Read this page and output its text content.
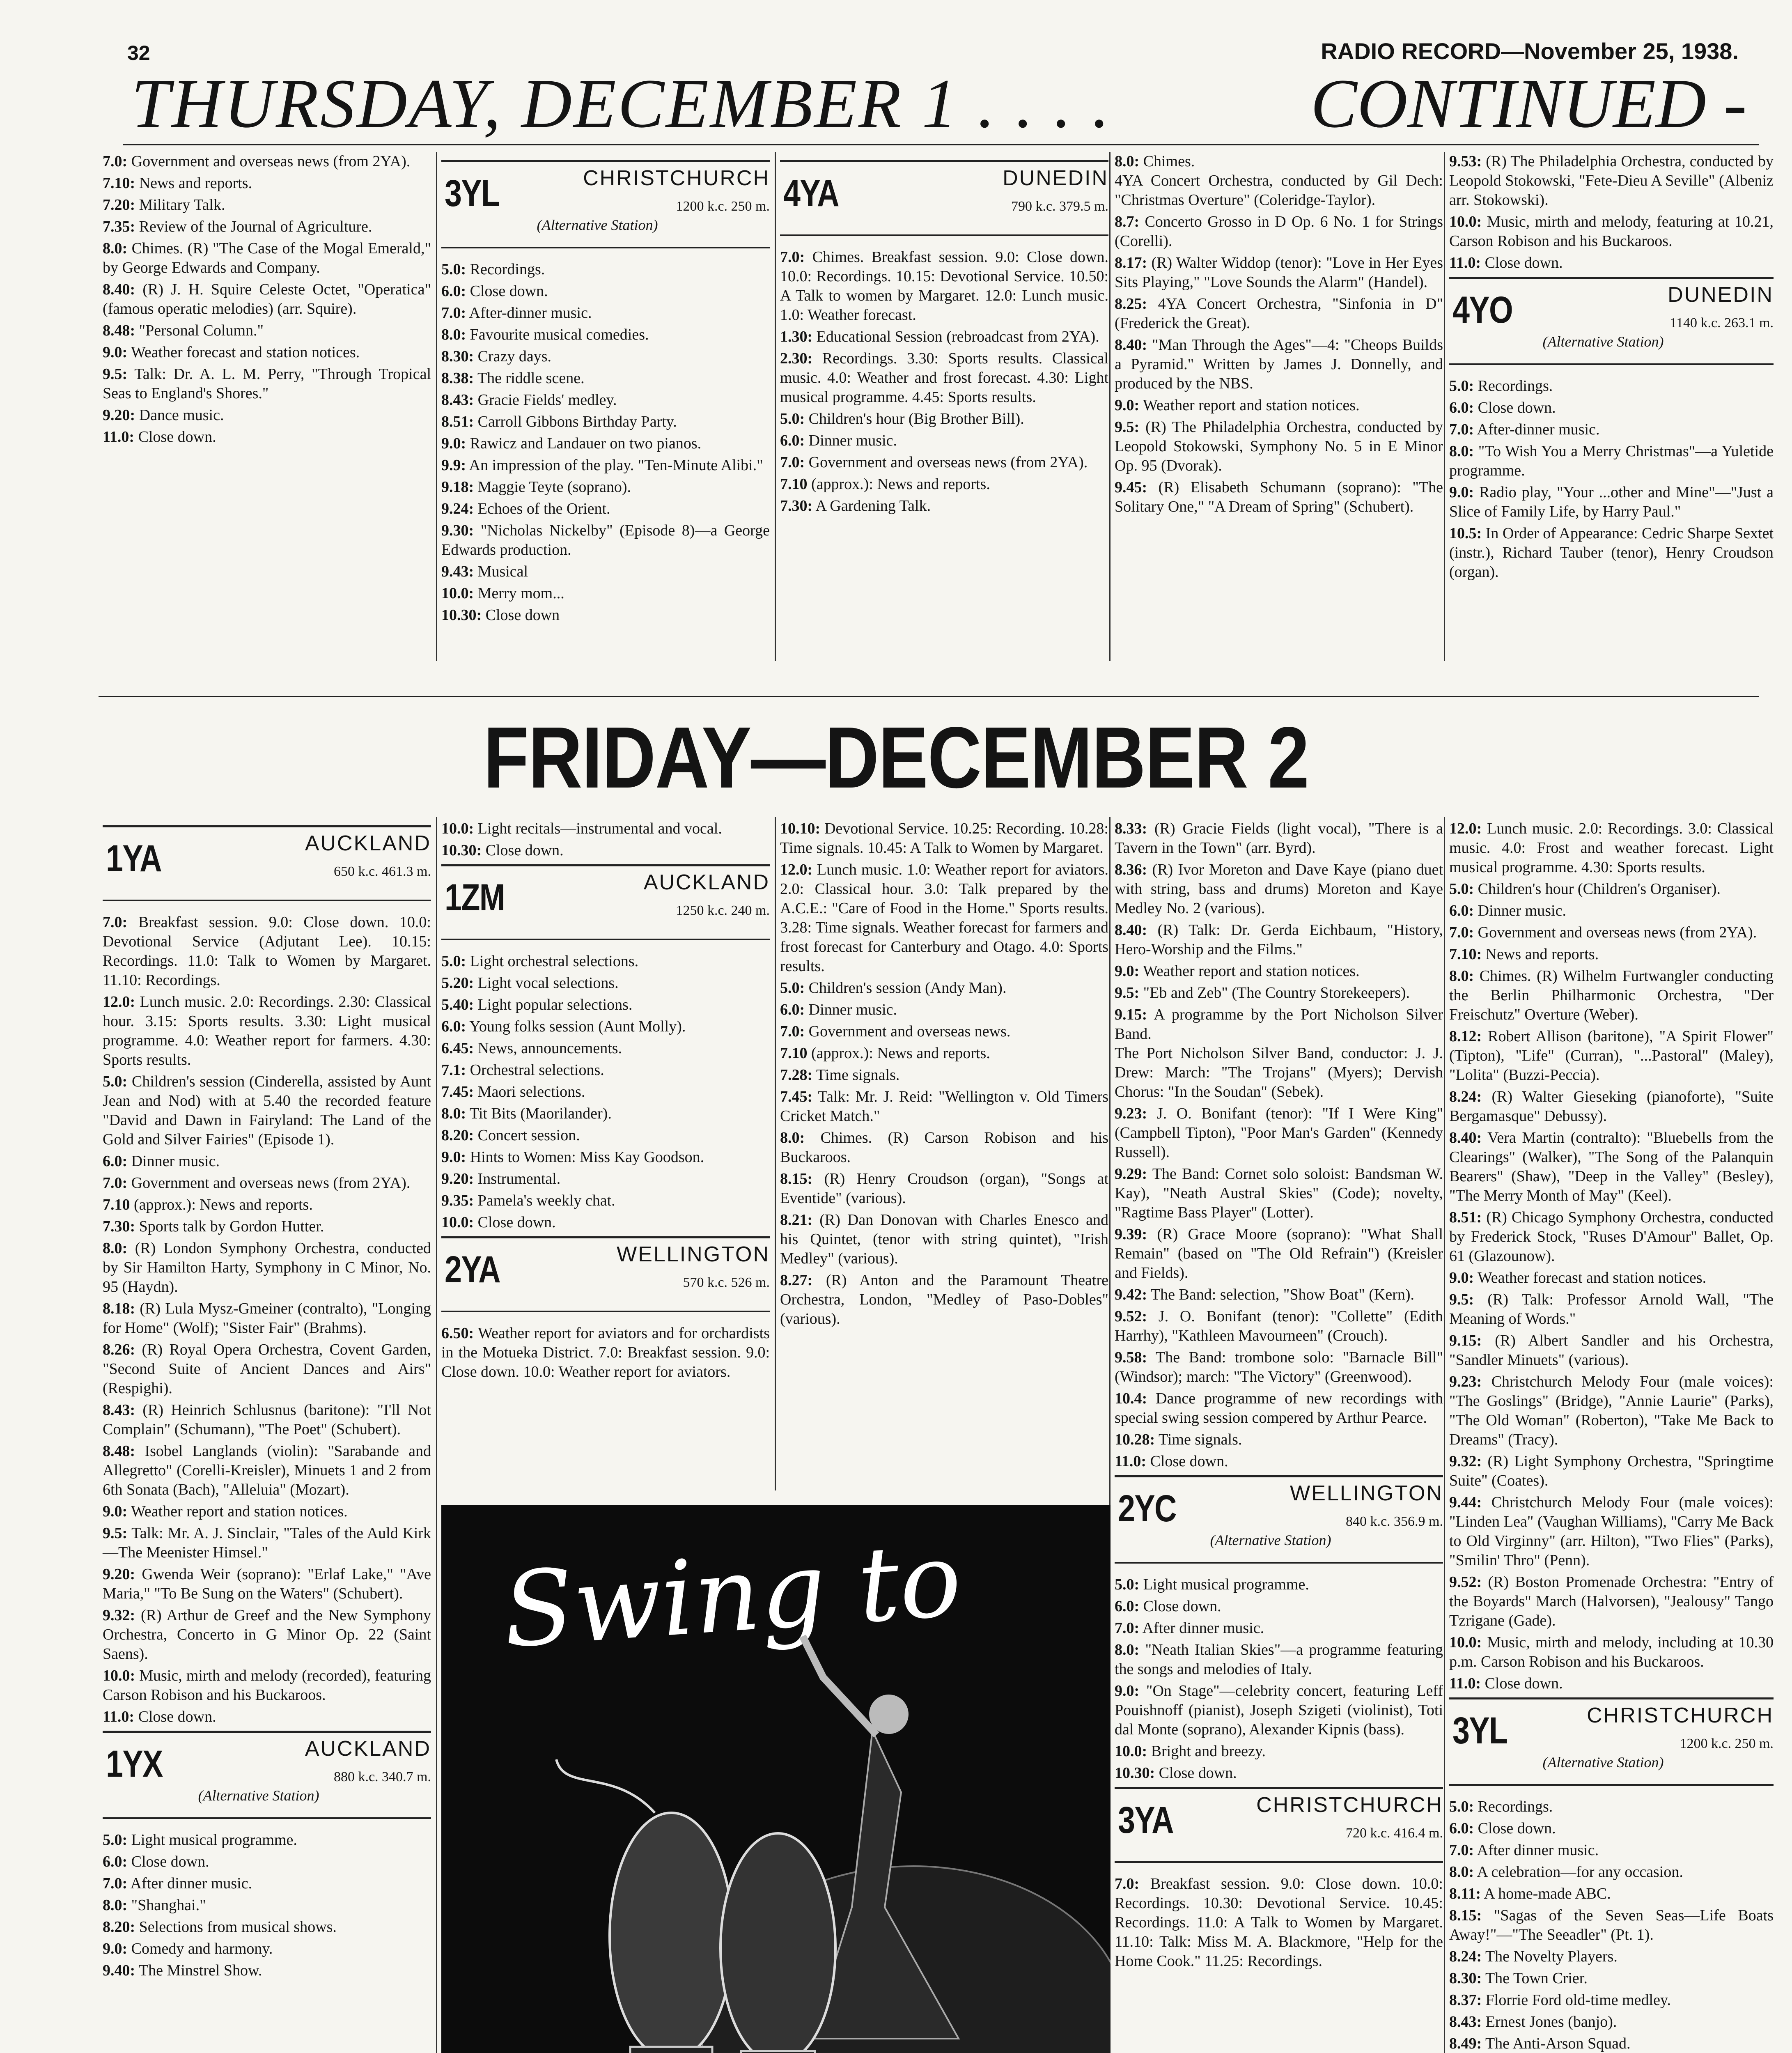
32	RADIO RECORD—November 25, 1938.
THURSDAY, DECEMBER 1 . . . .	CONTINUED -

7.0: Government and overseas news (from 2YA).

7.10: News and reports.

7.20: Military Talk.

7.35: Review of the Journal of Agriculture.

8.0: Chimes. (R) "The Case of the Mogal Emerald," by George Edwards and Company.

8.40: (R) J. H. Squire Celeste Octet, "Operatica" (famous operatic melodies) (arr. Squire).

8.48: "Personal Column."

9.0: Weather forecast and station notices.

9.5: Talk: Dr. A. L. M. Perry, "Through Tropical Seas to England's Shores."

9.20: Dance music.

11.0: Close down.

3YL	CHRISTCHURCH
1200 k.c. 250 m.
(Alternative Station)

5.0: Recordings.

6.0: Close down.

7.0: After-dinner music.

8.0: Favourite musical comedies.

8.30: Crazy days.

8.38: The riddle scene.

8.43: Gracie Fields' medley.

8.51: Carroll Gibbons Birthday Party.

9.0: Rawicz and Landauer on two pianos.

9.9: An impression of the play. "Ten-Minute Alibi."

9.18: Maggie Teyte (soprano).

9.24: Echoes of the Orient.

9.30: "Nicholas Nickelby" (Episode 8)—a George Edwards production.

9.43: Musical

10.0: Merry mom...

10.30: Close down

4YA	DUNEDIN
790 k.c. 379.5 m.

7.0: Chimes. Breakfast session. 9.0: Close down. 10.0: Recordings. 10.15: Devotional Service. 10.50: A Talk to women by Margaret. 12.0: Lunch music. 1.0: Weather forecast.

1.30: Educational Session (rebroadcast from 2YA).

2.30: Recordings. 3.30: Sports results. Classical music. 4.0: Weather and frost forecast. 4.30: Light musical programme. 4.45: Sports results.

5.0: Children's hour (Big Brother Bill).

6.0: Dinner music.

7.0: Government and overseas news (from 2YA).

7.10 (approx.): News and reports.

7.30: A Gardening Talk.

8.0: Chimes.
4YA Concert Orchestra, conducted by Gil Dech: "Christmas Overture" (Coleridge-Taylor).

8.7: Concerto Grosso in D Op. 6 No. 1 for Strings (Corelli).

8.17: (R) Walter Widdop (tenor): "Love in Her Eyes Sits Playing," "Love Sounds the Alarm" (Handel).

8.25: 4YA Concert Orchestra, "Sinfonia in D" (Frederick the Great).

8.40: "Man Through the Ages"—4: "Cheops Builds a Pyramid." Written by James J. Donnelly, and produced by the NBS.

9.0: Weather report and station notices.

9.5: (R) The Philadelphia Orchestra, conducted by Leopold Stokowski, Symphony No. 5 in E Minor Op. 95 (Dvorak).

9.45: (R) Elisabeth Schumann (soprano): "The Solitary One," "A Dream of Spring" (Schubert).

9.53: (R) The Philadelphia Orchestra, conducted by Leopold Stokowski, "Fete-Dieu A Seville" (Albeniz arr. Stokowski).

10.0: Music, mirth and melody, featuring at 10.21, Carson Robison and his Buckaroos.

11.0: Close down.

4YO	DUNEDIN
1140 k.c. 263.1 m.
(Alternative Station)

5.0: Recordings.

6.0: Close down.

7.0: After-dinner music.

8.0: "To Wish You a Merry Christmas"—a Yuletide programme.

9.0: Radio play, "Your ...other and Mine"—"Just a Slice of Family Life, by Harry Paul."

10.5: In Order of Appearance: Cedric Sharpe Sextet (instr.), Richard Tauber (tenor), Henry Croudson (organ).

FRIDAY—DECEMBER 2
1YA	AUCKLAND
650 k.c. 461.3 m.

7.0: Breakfast session. 9.0: Close down. 10.0: Devotional Service (Adjutant Lee). 10.15: Recordings. 11.0: Talk to Women by Margaret. 11.10: Recordings.

12.0: Lunch music. 2.0: Recordings. 2.30: Classical hour. 3.15: Sports results. 3.30: Light musical programme. 4.0: Weather report for farmers. 4.30: Sports results.

5.0: Children's session (Cinderella, assisted by Aunt Jean and Nod) with at 5.40 the recorded feature "David and Dawn in Fairyland: The Land of the Gold and Silver Fairies" (Episode 1).

6.0: Dinner music.

7.0: Government and overseas news (from 2YA).

7.10 (approx.): News and reports.

7.30: Sports talk by Gordon Hutter.

8.0: (R) London Symphony Orchestra, conducted by Sir Hamilton Harty, Symphony in C Minor, No. 95 (Haydn).

8.18: (R) Lula Mysz-Gmeiner (contralto), "Longing for Home" (Wolf); "Sister Fair" (Brahms).

8.26: (R) Royal Opera Orchestra, Covent Garden, "Second Suite of Ancient Dances and Airs" (Respighi).

8.43: (R) Heinrich Schlusnus (baritone): "I'll Not Complain" (Schumann), "The Poet" (Schubert).

8.48: Isobel Langlands (violin): "Sarabande and Allegretto" (Corelli-Kreisler), Minuets 1 and 2 from 6th Sonata (Bach), "Alleluia" (Mozart).

9.0: Weather report and station notices.

9.5: Talk: Mr. A. J. Sinclair, "Tales of the Auld Kirk—The Meenister Himsel."

9.20: Gwenda Weir (soprano): "Erlaf Lake," "Ave Maria," "To Be Sung on the Waters" (Schubert).

9.32: (R) Arthur de Greef and the New Symphony Orchestra, Concerto in G Minor Op. 22 (Saint Saens).

10.0: Music, mirth and melody (recorded), featuring Carson Robison and his Buckaroos.

11.0: Close down.

1YX	AUCKLAND
880 k.c. 340.7 m.
(Alternative Station)

5.0: Light musical programme.

6.0: Close down.

7.0: After dinner music.

8.0: "Shanghai."

8.20: Selections from musical shows.

9.0: Comedy and harmony.

9.40: The Minstrel Show.

10.0: Light recitals—instrumental and vocal.

10.30: Close down.

1ZM	AUCKLAND
1250 k.c. 240 m.

5.0: Light orchestral selections.

5.20: Light vocal selections.

5.40: Light popular selections.

6.0: Young folks session (Aunt Molly).

6.45: News, announcements.

7.1: Orchestral selections.

7.45: Maori selections.

8.0: Tit Bits (Maorilander).

8.20: Concert session.

9.0: Hints to Women: Miss Kay Goodson.

9.20: Instrumental.

9.35: Pamela's weekly chat.

10.0: Close down.

2YA	WELLINGTON
570 k.c. 526 m.

6.50: Weather report for aviators and for orchardists in the Motueka District. 7.0: Breakfast session. 9.0: Close down. 10.0: Weather report for aviators.

10.10: Devotional Service. 10.25: Recording. 10.28: Time signals. 10.45: A Talk to Women by Margaret.

12.0: Lunch music. 1.0: Weather report for aviators. 2.0: Classical hour. 3.0: Talk prepared by the A.C.E.: "Care of Food in the Home." Sports results. 3.28: Time signals. Weather forecast for farmers and frost forecast for Canterbury and Otago. 4.0: Sports results.

5.0: Children's session (Andy Man).

6.0: Dinner music.

7.0: Government and overseas news.

7.10 (approx.): News and reports.

7.28: Time signals.

7.45: Talk: Mr. J. Reid: "Wellington v. Old Timers Cricket Match."

8.0: Chimes. (R) Carson Robison and his Buckaroos.

8.15: (R) Henry Croudson (organ), "Songs at Eventide" (various).

8.21: (R) Dan Donovan with Charles Enesco and his Quintet, (tenor with string quintet), "Irish Medley" (various).

8.27: (R) Anton and the Paramount Theatre Orchestra, London, "Medley of Paso-Dobles" (various).

8.33: (R) Gracie Fields (light vocal), "There is a Tavern in the Town" (arr. Byrd).

8.36: (R) Ivor Moreton and Dave Kaye (piano duet with string, bass and drums) Moreton and Kaye Medley No. 2 (various).

8.40: (R) Talk: Dr. Gerda Eichbaum, "History, Hero-Worship and the Films."

9.0: Weather report and station notices.

9.5: "Eb and Zeb" (The Country Storekeepers).

9.15: A programme by the Port Nicholson Silver Band.
The Port Nicholson Silver Band, conductor: J. J. Drew: March: "The Trojans" (Myers); Dervish Chorus: "In the Soudan" (Sebek).

9.23: J. O. Bonifant (tenor): "If I Were King" (Campbell Tipton), "Poor Man's Garden" (Kennedy Russell).

9.29: The Band: Cornet solo soloist: Bandsman W. Kay), "Neath Austral Skies" (Code); novelty, "Ragtime Bass Player" (Lotter).

9.39: (R) Grace Moore (soprano): "What Shall Remain" (based on "The Old Refrain") (Kreisler and Fields).

9.42: The Band: selection, "Show Boat" (Kern).

9.52: J. O. Bonifant (tenor): "Collette" (Edith Harrhy), "Kathleen Mavourneen" (Crouch).

9.58: The Band: trombone solo: "Barnacle Bill" (Windsor); march: "The Victory" (Greenwood).

10.4: Dance programme of new recordings with special swing session compered by Arthur Pearce.

10.28: Time signals.

11.0: Close down.

2YC	WELLINGTON
840 k.c. 356.9 m.
(Alternative Station)

5.0: Light musical programme.

6.0: Close down.

7.0: After dinner music.

8.0: "Neath Italian Skies"—a programme featuring the songs and melodies of Italy.

9.0: "On Stage"—celebrity concert, featuring Leff Pouishnoff (pianist), Joseph Szigeti (violinist), Toti dal Monte (soprano), Alexander Kipnis (bass).

10.0: Bright and breezy.

10.30: Close down.

3YA	CHRISTCHURCH
720 k.c. 416.4 m.

7.0: Breakfast session. 9.0: Close down. 10.0: Recordings. 10.30: Devotional Service. 10.45: Recordings. 11.0: A Talk to Women by Margaret. 11.10: Talk: Miss M. A. Blackmore, "Help for the Home Cook." 11.25: Recordings.

12.0: Lunch music. 2.0: Recordings. 3.0: Classical music. 4.0: Frost and weather forecast. Light musical programme. 4.30: Sports results.

5.0: Children's hour (Children's Organiser).

6.0: Dinner music.

7.0: Government and overseas news (from 2YA).

7.10: News and reports.

8.0: Chimes. (R) Wilhelm Furtwangler conducting the Berlin Philharmonic Orchestra, "Der Freischutz" Overture (Weber).

8.12: Robert Allison (baritone), "A Spirit Flower" (Tipton), "Life" (Curran), "...Pastoral" (Maley), "Lolita" (Buzzi-Peccia).

8.24: (R) Walter Gieseking (pianoforte), "Suite Bergamasque" Debussy).

8.40: Vera Martin (contralto): "Bluebells from the Clearings" (Walker), "The Song of the Palanquin Bearers" (Shaw), "Deep in the Valley" (Besley), "The Merry Month of May" (Keel).

8.51: (R) Chicago Symphony Orchestra, conducted by Frederick Stock, "Ruses D'Amour" Ballet, Op. 61 (Glazounow).

9.0: Weather forecast and station notices.

9.5: (R) Talk: Professor Arnold Wall, "The Meaning of Words."

9.15: (R) Albert Sandler and his Orchestra, "Sandler Minuets" (various).

9.23: Christchurch Melody Four (male voices): "The Goslings" (Bridge), "Annie Laurie" (Parks), "The Old Woman" (Roberton), "Take Me Back to Dreams" (Tracy).

9.32: (R) Light Symphony Orchestra, "Springtime Suite" (Coates).

9.44: Christchurch Melody Four (male voices): "Linden Lea" (Vaughan Williams), "Carry Me Back to Old Virginny" (arr. Hilton), "Two Flies" (Parks), "Smilin' Thro" (Penn).

9.52: (R) Boston Promenade Orchestra: "Entry of the Boyards" March (Halvorsen), "Jealousy" Tango Tzrigane (Gade).

10.0: Music, mirth and melody, including at 10.30 p.m. Carson Robison and his Buckaroos.

11.0: Close down.

3YL	CHRISTCHURCH
1200 k.c. 250 m.
(Alternative Station)

5.0: Recordings.

6.0: Close down.

7.0: After dinner music.

8.0: A celebration—for any occasion.

8.11: A home-made ABC.

8.15: "Sagas of the Seven Seas—Life Boats Away!"—"The Seeadler" (Pt. 1).

8.24: The Novelty Players.

8.30: The Town Crier.

8.37: Florrie Ford old-time medley.

8.43: Ernest Jones (banjo).

8.49: The Anti-Arson Squad.

Swing to
